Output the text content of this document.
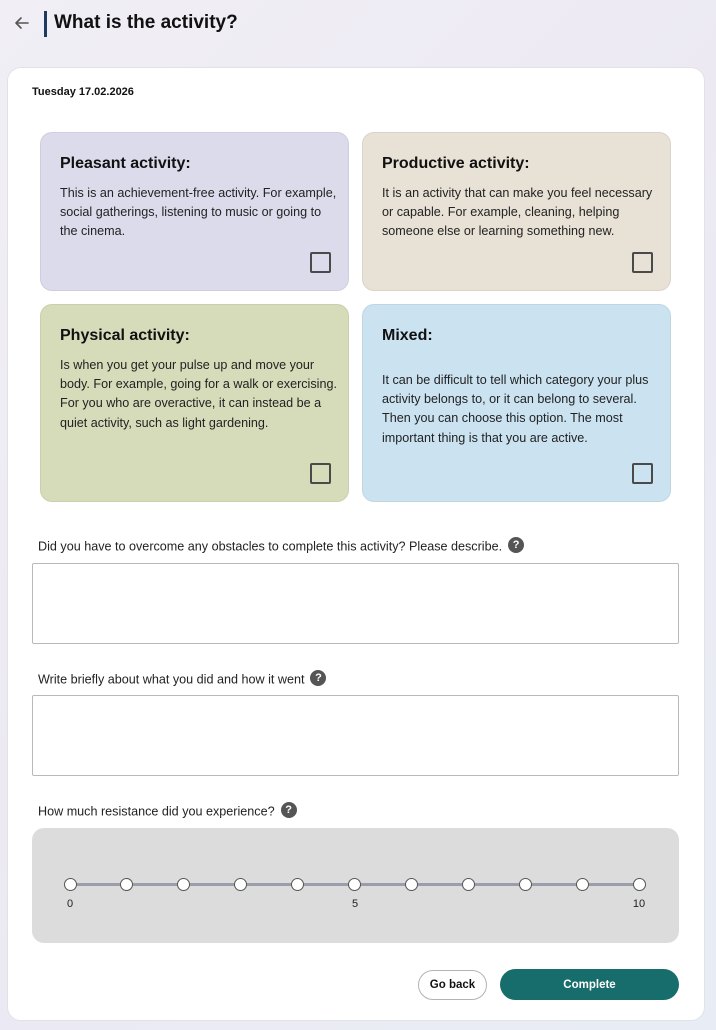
What is the activity?
Tuesday 17.02.2026
Pleasant activity:
This is an achievement-free activity. For example, social gatherings, listening to music or going to the cinema.
Productive activity:
It is an activity that can make you feel necessary or capable. For example, cleaning, helping someone else or learning something new.
Physical activity:
Is when you get your pulse up and move your body. For example, going for a walk or exercising. For you who are overactive, it can instead be a quiet activity, such as light gardening.
Mixed:
It can be difficult to tell which category your plus activity belongs to, or it can belong to several. Then you can choose this option. The most important thing is that you are active.
Did you have to overcome any obstacles to complete this activity? Please describe. ?
Write briefly about what you did and how it went ?
How much resistance did you experience? ?
0	5	10
Go back	Complete
